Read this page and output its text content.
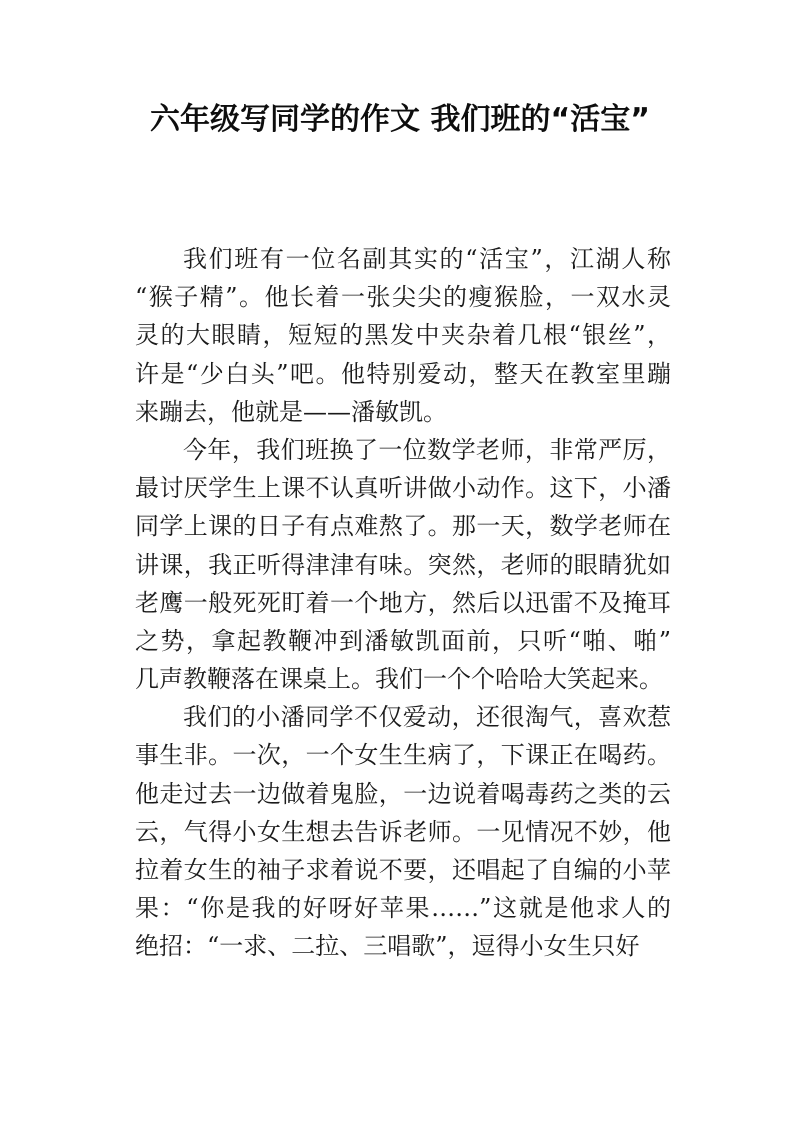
六年级写同学的作文 我们班的“活宝”
我们班有一位名副其实的“活宝”，江湖人称
“猴子精”。他长着一张尖尖的瘦猴脸，一双水灵
灵的大眼睛，短短的黑发中夹杂着几根“银丝”，
许是“少白头”吧。他特别爱动，整天在教室里蹦
来蹦去，他就是——潘敏凯。
今年，我们班换了一位数学老师，非常严厉，
最讨厌学生上课不认真听讲做小动作。这下，小潘
同学上课的日子有点难熬了。那一天，数学老师在
讲课，我正听得津津有味。突然，老师的眼睛犹如
老鹰一般死死盯着一个地方，然后以迅雷不及掩耳
之势，拿起教鞭冲到潘敏凯面前，只听“啪、啪”
几声教鞭落在课桌上。我们一个个哈哈大笑起来。
我们的小潘同学不仅爱动，还很淘气，喜欢惹
事生非。一次，一个女生生病了，下课正在喝药。
他走过去一边做着鬼脸，一边说着喝毒药之类的云
云，气得小女生想去告诉老师。一见情况不妙，他
拉着女生的袖子求着说不要，还唱起了自编的小苹
果：“你是我的好呀好苹果……”这就是他求人的
绝招：“一求、二拉、三唱歌”，逗得小女生只好
